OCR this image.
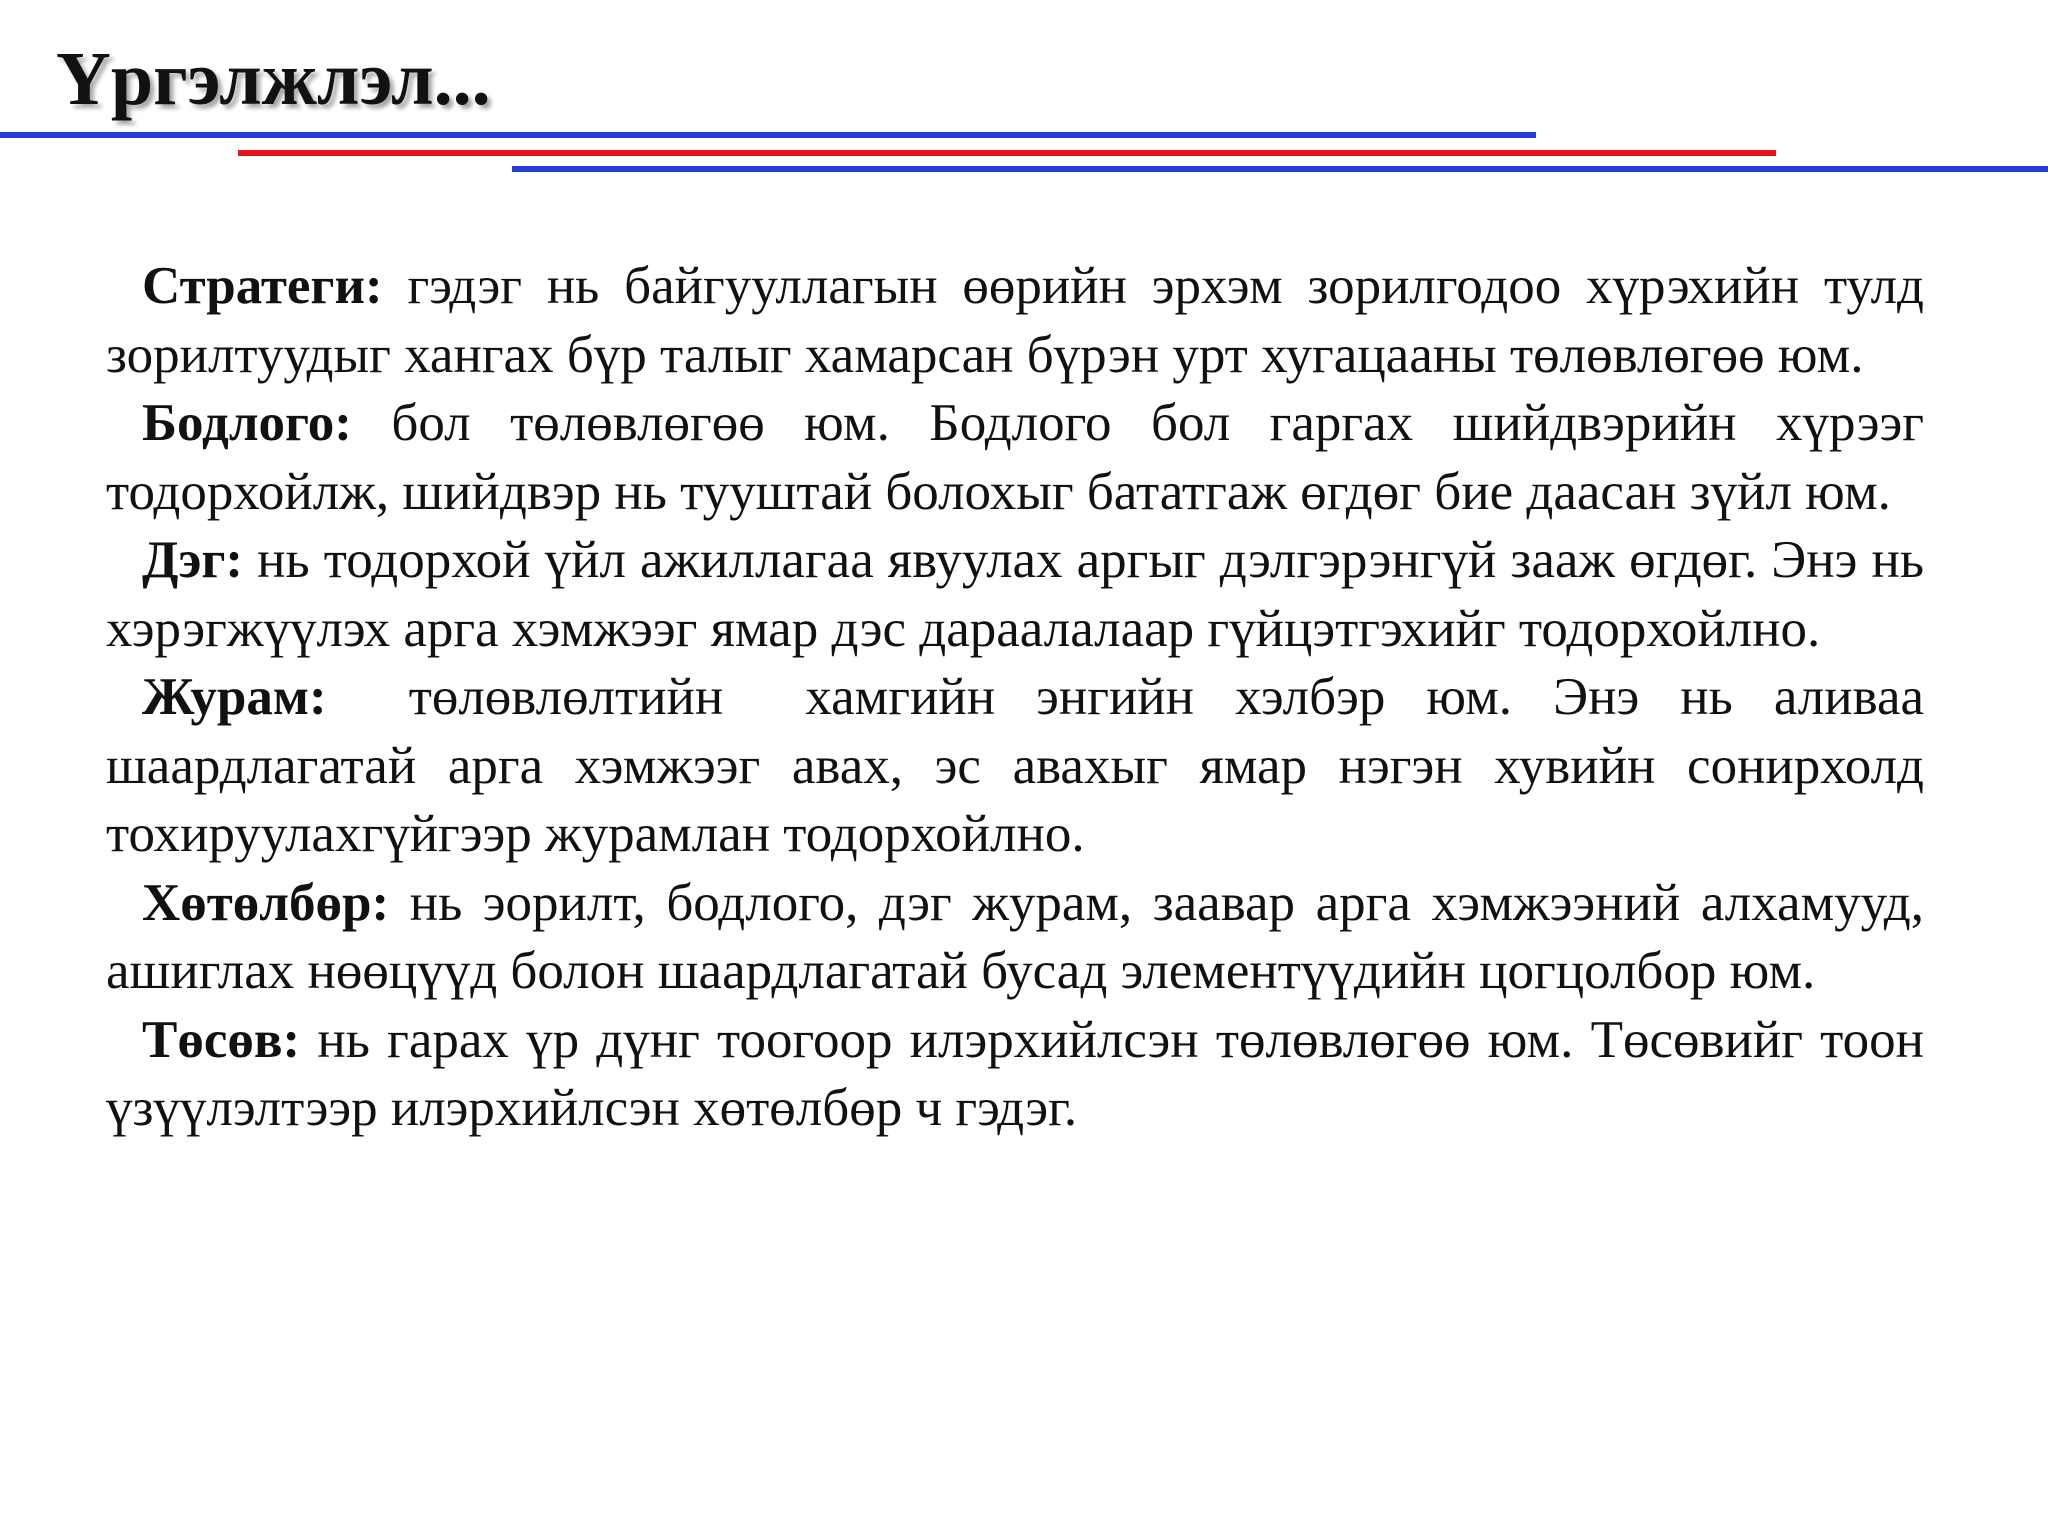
Үргэлжлэл...

Стратеги: гэдэг нь байгууллагын өөрийн эрхэм зорилгодоо хүрэхийн тулд зорилтуудыг хангах бүр талыг хамарсан бүрэн урт хугацааны төлөвлөгөө юм.

Бодлого: бол төлөвлөгөө юм. Бодлого бол гаргах шийдвэрийн хүрээг тодорхойлж, шийдвэр нь тууштай болохыг бататгаж өгдөг бие даасан зүйл юм.

Дэг: нь тодорхой үйл ажиллагаа явуулах аргыг дэлгэрэнгүй зааж өгдөг. Энэ нь хэрэгжүүлэх арга хэмжээг ямар дэс дараалалаар гүйцэтгэхийг тодорхойлно.

Журам:  төлөвлөлтийн  хамгийн энгийн хэлбэр юм. Энэ нь аливаа шаардлагатай арга хэмжээг авах, эс авахыг ямар нэгэн хувийн сонирхолд тохируулахгүйгээр журамлан тодорхойлно.

Хөтөлбөр: нь эорилт, бодлого, дэг журам, заавар арга хэмжээний алхамууд, ашиглах нөөцүүд болон шаардлагатай бусад элементүүдийн цогцолбор юм.

Төсөв: нь гарах үр дүнг тоогоор илэрхийлсэн төлөвлөгөө юм. Төсөвийг тоон үзүүлэлтээр илэрхийлсэн хөтөлбөр ч гэдэг.
